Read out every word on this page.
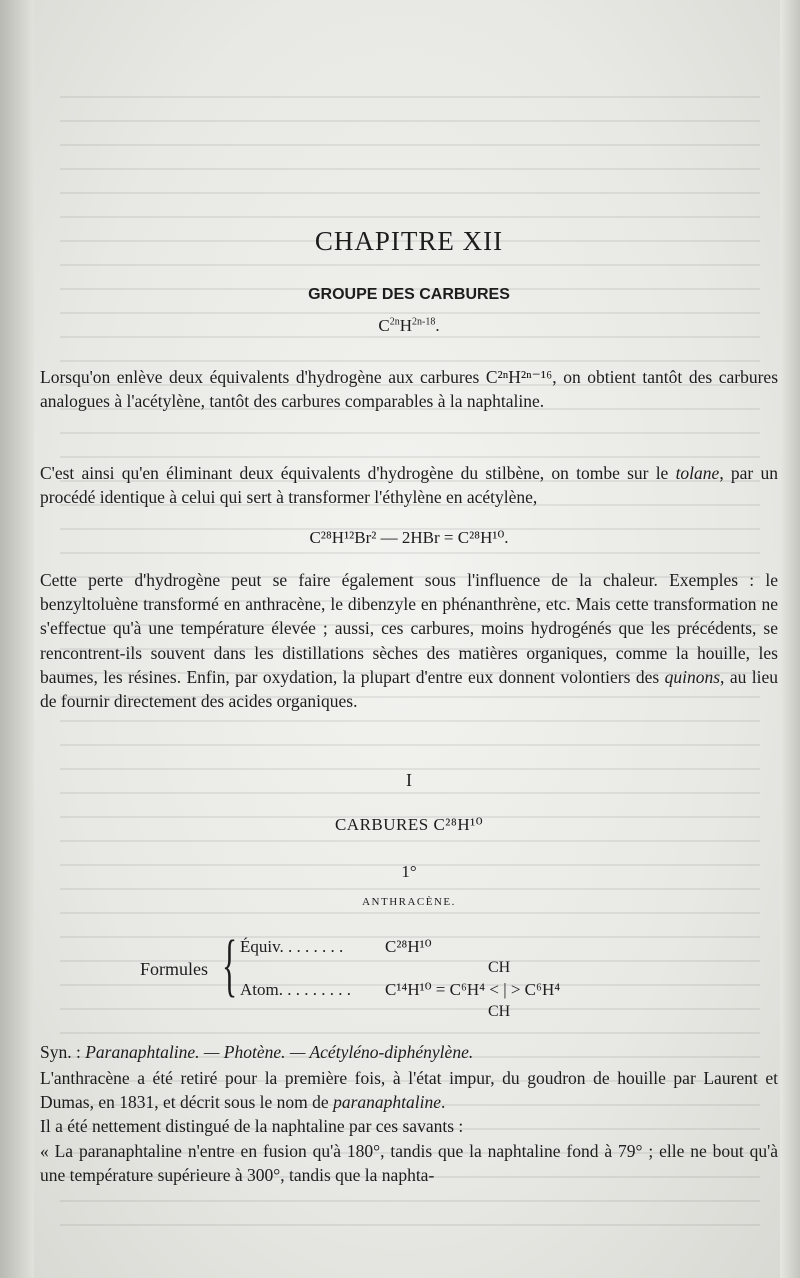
CHAPITRE XII
GROUPE DES CARBURES
$C^{2n}H^{2n-18}$.
Lorsqu'on enlève deux équivalents d'hydrogène aux carbures C²ⁿH²ⁿ⁻¹⁶, on obtient tantôt des carbures analogues à l'acétylène, tantôt des carbures comparables à la naphtaline.
C'est ainsi qu'en éliminant deux équivalents d'hydrogène du stilbène, on tombe sur le tolane, par un procédé identique à celui qui sert à transformer l'éthylène en acétylène,
C²⁸H¹²Br² — 2HBr = C²⁸H¹⁰.
Cette perte d'hydrogène peut se faire également sous l'influence de la chaleur. Exemples : le benzyltoluène transformé en anthracène, le dibenzyle en phénanthrène, etc. Mais cette transformation ne s'effectue qu'à une température élevée ; aussi, ces carbures, moins hydrogénés que les précédents, se rencontrent-ils souvent dans les distillations sèches des matières organiques, comme la houille, les baumes, les résines. Enfin, par oxydation, la plupart d'entre eux donnent volontiers des quinons, au lieu de fournir directement des acides organiques.
I
CARBURES C²⁸H¹⁰
1°
ANTHRACÈNE.
Formules { Équiv. . . . . . . . C²⁸H¹⁰
CH
Atom. . . . . . . . . C¹⁴H¹⁰ = C⁶H⁴ < | > C⁶H⁴
CH
Syn. : Paranaphtaline. — Photène. — Acétyléno-diphénylène.

L'anthracène a été retiré pour la première fois, à l'état impur, du goudron de houille par Laurent et Dumas, en 1831, et décrit sous le nom de paranaphtaline.

Il a été nettement distingué de la naphtaline par ces savants :

« La paranaphtaline n'entre en fusion qu'à 180°, tandis que la naphtaline fond à 79° ; elle ne bout qu'à une température supérieure à 300°, tandis que la naphta-
